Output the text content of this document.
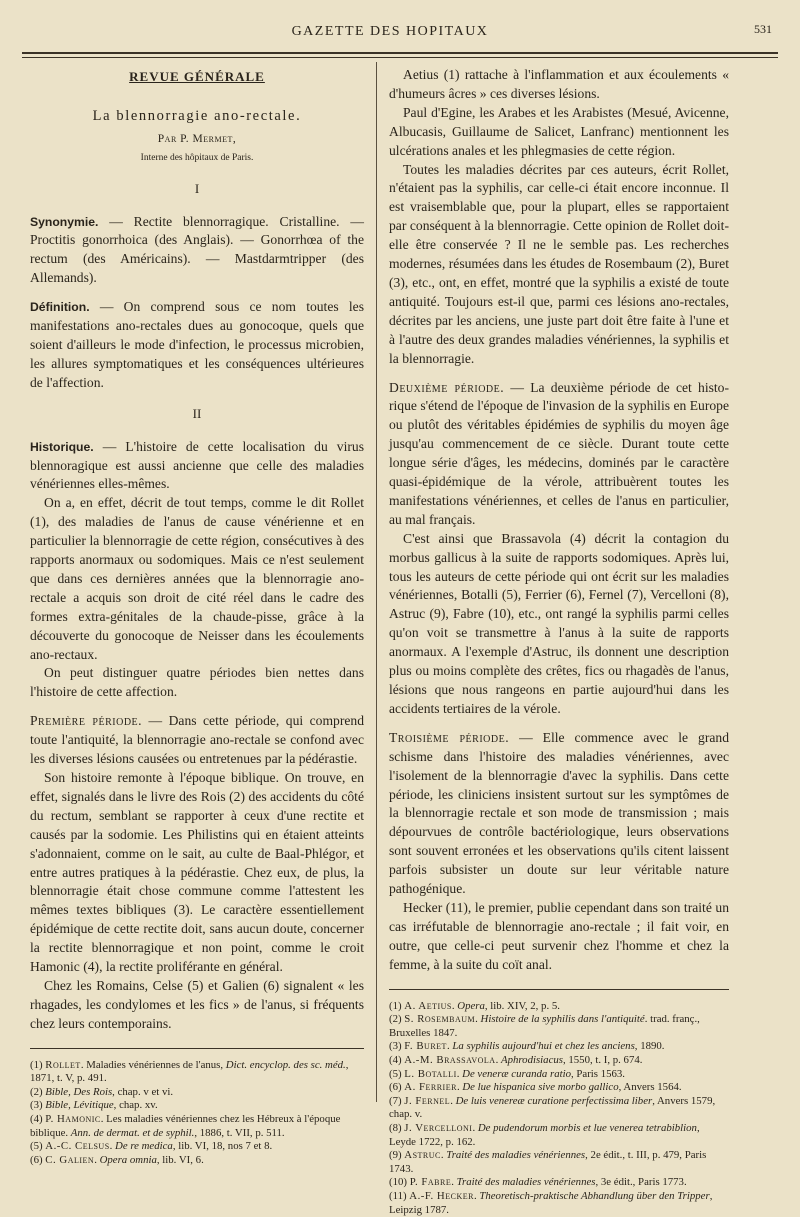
GAZETTE DES HOPITAUX	531
REVUE GÉNÉRALE
La blennorragie ano-rectale.

Par P. Mermet,

Interne des hôpitaux de Paris.

I

Synonymie. — Rectite blennorragique. Cristalline. — Proctitis gonorrhoica (des Anglais). — Gonorrhœa of the rectum (des Américains). — Mastdarmtripper (des Allemands).

Définition. — On comprend sous ce nom toutes les manifestations ano-rectales dues au gonocoque, quels que soient d'ailleurs le mode d'infection, le processus microbien, les allures symptomatiques et les conséquences ultérieures de l'affection.

II

Historique. — L'histoire de cette localisation du virus blennoragique est aussi ancienne que celle des maladies vénériennes elles-mêmes.

On a, en effet, décrit de tout temps, comme le dit Rollet (1), des maladies de l'anus de cause vénérienne et en particulier la blennorragie de cette région, consécutives à des rapports anormaux ou sodomiques. Mais ce n'est seulement que dans ces dernières années que la blennorragie ano-rectale a acquis son droit de cité réel dans le cadre des formes extra-génitales de la chaude-pisse, grâce à la découverte du gonocoque de Neisser dans les écoulements ano-rectaux.

On peut distinguer quatre périodes bien nettes dans l'histoire de cette affection.

Première période. — Dans cette période, qui comprend toute l'antiquité, la blennorragie ano-rectale se confond avec les diverses lésions causées ou entretenues par la pédérastie.

Son histoire remonte à l'époque biblique. On trouve, en effet, signalés dans le livre des Rois (2) des accidents du côté du rectum, semblant se rapporter à ceux d'une rectite et causés par la sodomie. Les Philistins qui en étaient atteints s'adonnaient, comme on le sait, au culte de Baal-Phlégor, et entre autres pratiques à la pédérastie. Chez eux, de plus, la blennorragie était chose commune comme l'attestent les mêmes textes bibliques (3). Le caractère essentiellement épidémique de cette rectite doit, sans aucun doute, concerner la rectite blennorragique et non point, comme le croit Hamonic (4), la rectite proliférante en général.

Chez les Romains, Celse (5) et Galien (6) signalent « les rhagades, les condylomes et les fics » de l'anus, si fréquents chez leurs contemporains.

(1) Rollet. Maladies vénériennes de l'anus, Dict. encyclop. des sc. méd., 1871, t. V, p. 491.
(2) Bible, Des Rois, chap. v et vi.
(3) Bible, Lévitique, chap. xv.
(4) P. Hamonic. Les maladies vénériennes chez les Hébreux à l'époque biblique. Ann. de dermat. et de syphil., 1886, t. VII, p. 511.
(5) A.-C. Celsus. De re medica, lib. VI, 18, nos 7 et 8.
(6) C. Galien. Opera omnia, lib. VI, 6.

Aetius (1) rattache à l'inflammation et aux écoulements « d'humeurs âcres » ces diverses lésions.

Paul d'Egine, les Arabes et les Arabistes (Mesué, Avicenne, Albucasis, Guillaume de Salicet, Lanfranc) mentionnent les ulcérations anales et les phlegmasies de cette région.

Toutes les maladies décrites par ces auteurs, écrit Rollet, n'étaient pas la syphilis, car celle-ci était encore inconnue. Il est vraisemblable que, pour la plupart, elles se rapportaient par conséquent à la blennorragie. Cette opinion de Rollet doit-elle être conservée ? Il ne le semble pas. Les recherches modernes, résumées dans les études de Rosembaum (2), Buret (3), etc., ont, en effet, montré que la syphilis a existé de toute antiquité. Toujours est-il que, parmi ces lésions ano-rectales, décrites par les anciens, une juste part doit être faite à l'une et à l'autre des deux grandes maladies vénériennes, la syphilis et la blennorragie.

Deuxième période. — La deuxième période de cet historique s'étend de l'époque de l'invasion de la syphilis en Europe ou plutôt des véritables épidémies de syphilis du moyen âge jusqu'au commencement de ce siècle. Durant toute cette longue série d'âges, les médecins, dominés par le caractère quasi-épidémique de la vérole, attribuèrent toutes les manifestations vénériennes, et celles de l'anus en particulier, au mal français.

C'est ainsi que Brassavola (4) décrit la contagion du morbus gallicus à la suite de rapports sodomiques. Après lui, tous les auteurs de cette période qui ont écrit sur les maladies vénériennes, Botalli (5), Ferrier (6), Fernel (7), Vercelloni (8), Astruc (9), Fabre (10), etc., ont rangé la syphilis parmi celles qu'on voit se transmettre à l'anus à la suite de rapports anormaux. A l'exemple d'Astruc, ils donnent une description plus ou moins complète des crêtes, fics ou rhagadès de l'anus, lésions que nous rangeons en partie aujourd'hui dans les accidents tertiaires de la vérole.

Troisième période. — Elle commence avec le grand schisme dans l'histoire des maladies vénériennes, avec l'isolement de la blennorragie d'avec la syphilis. Dans cette période, les cliniciens insistent surtout sur les symptômes de la blennorragie rectale et son mode de transmission ; mais dépourvues de contrôle bactériologique, leurs observations sont souvent erronées et les observations qu'ils citent laissent parfois subsister un doute sur leur véritable nature pathogénique.

Hecker (11), le premier, publie cependant dans son traité un cas irréfutable de blennorragie ano-rectale ; il fait voir, en outre, que celle-ci peut survenir chez l'homme et chez la femme, à la suite du coït anal.

(1) A. Aetius. Opera, lib. XIV, 2, p. 5.
(2) S. Rosembaum. Histoire de la syphilis dans l'antiquité. trad. franç., Bruxelles 1847.
(3) F. Buret. La syphilis aujourd'hui et chez les anciens, 1890.
(4) A.-M. Brassavola. Aphrodisiacus, 1550, t. I, p. 674.
(5) L. Botalli. De veneræ curanda ratio, Paris 1563.
(6) A. Ferrier. De lue hispanica sive morbo gallico, Anvers 1564.
(7) J. Fernel. De luis venereæ curatione perfectissima liber, Anvers 1579, chap. v.
(8) J. Vercelloni. De pudendorum morbis et lue venerea tetrabiblion, Leyde 1722, p. 162.
(9) Astruc. Traité des maladies vénériennes, 2e édit., t. III, p. 479, Paris 1743.
(10) P. Fabre. Traité des maladies vénériennes, 3e édit., Paris 1773.
(11) A.-F. Hecker. Theoretisch-praktische Abhandlung über den Tripper, Leipzig 1787.
